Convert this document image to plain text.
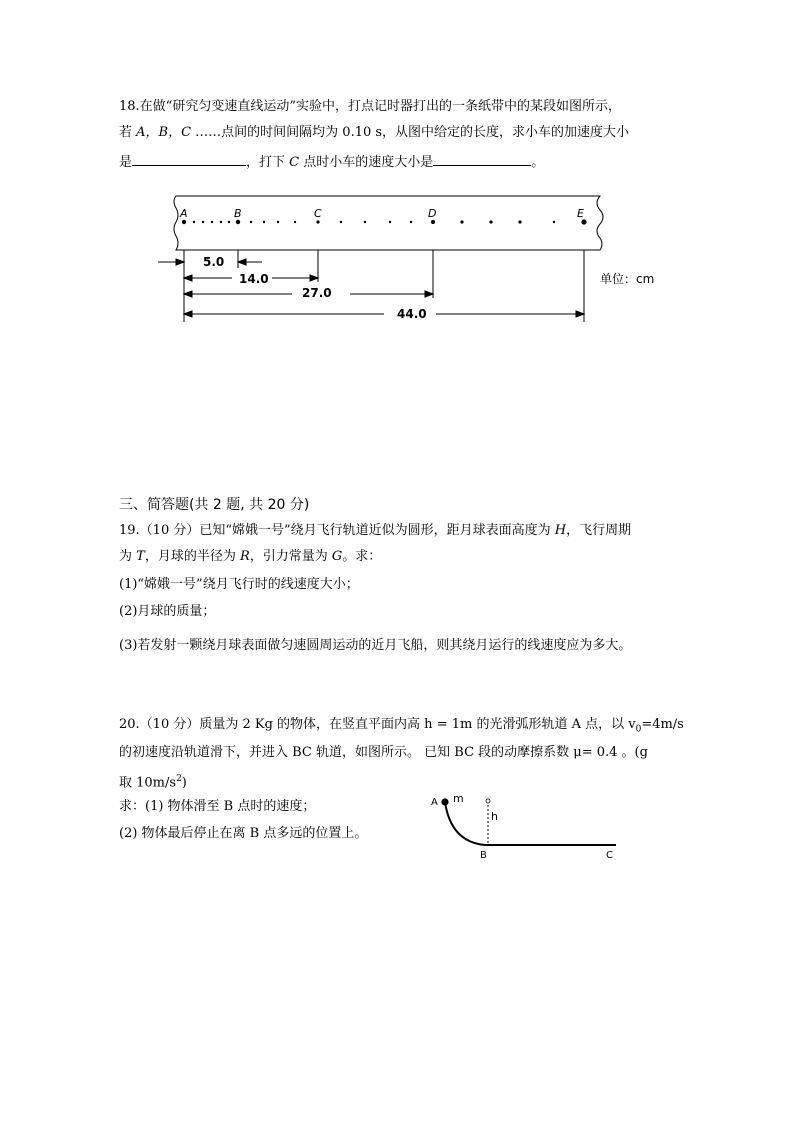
18.在做“研究匀变速直线运动”实验中，打点记时器打出的一条纸带中的某段如图所示，
若 A，B，C ……点间的时间间隔均为 0.10 s，从图中给定的长度，求小车的加速度大小
是	，打下 C 点时小车的速度大小是	。
A	B	C	D	E
5.0
14.0
27.0
44.0
单位：cm
三、简答题(共 2 题, 共 20 分)
19.（10 分）已知“嫦娥一号”绕月飞行轨道近似为圆形，距月球表面高度为 H，飞行周期
为 T，月球的半径为 R，引力常量为 G。求：
(1)“嫦娥一号”绕月飞行时的线速度大小；
(2)月球的质量；
(3)若发射一颗绕月球表面做匀速圆周运动的近月飞船，则其绕月运行的线速度应为多大。
20.（10 分）质量为 2 Kg 的物体，在竖直平面内高 h = 1m 的光滑弧形轨道 A 点，以 $v_0=4m/s$
的初速度沿轨道滑下，并进入 BC 轨道，如图所示。 已知 BC 段的动摩擦系数 μ= 0.4 。(g
取 $10m/s^2$)
求：(1) 物体滑至 B 点时的速度；
(2) 物体最后停止在离 B 点多远的位置上。
A m
h
B	C
